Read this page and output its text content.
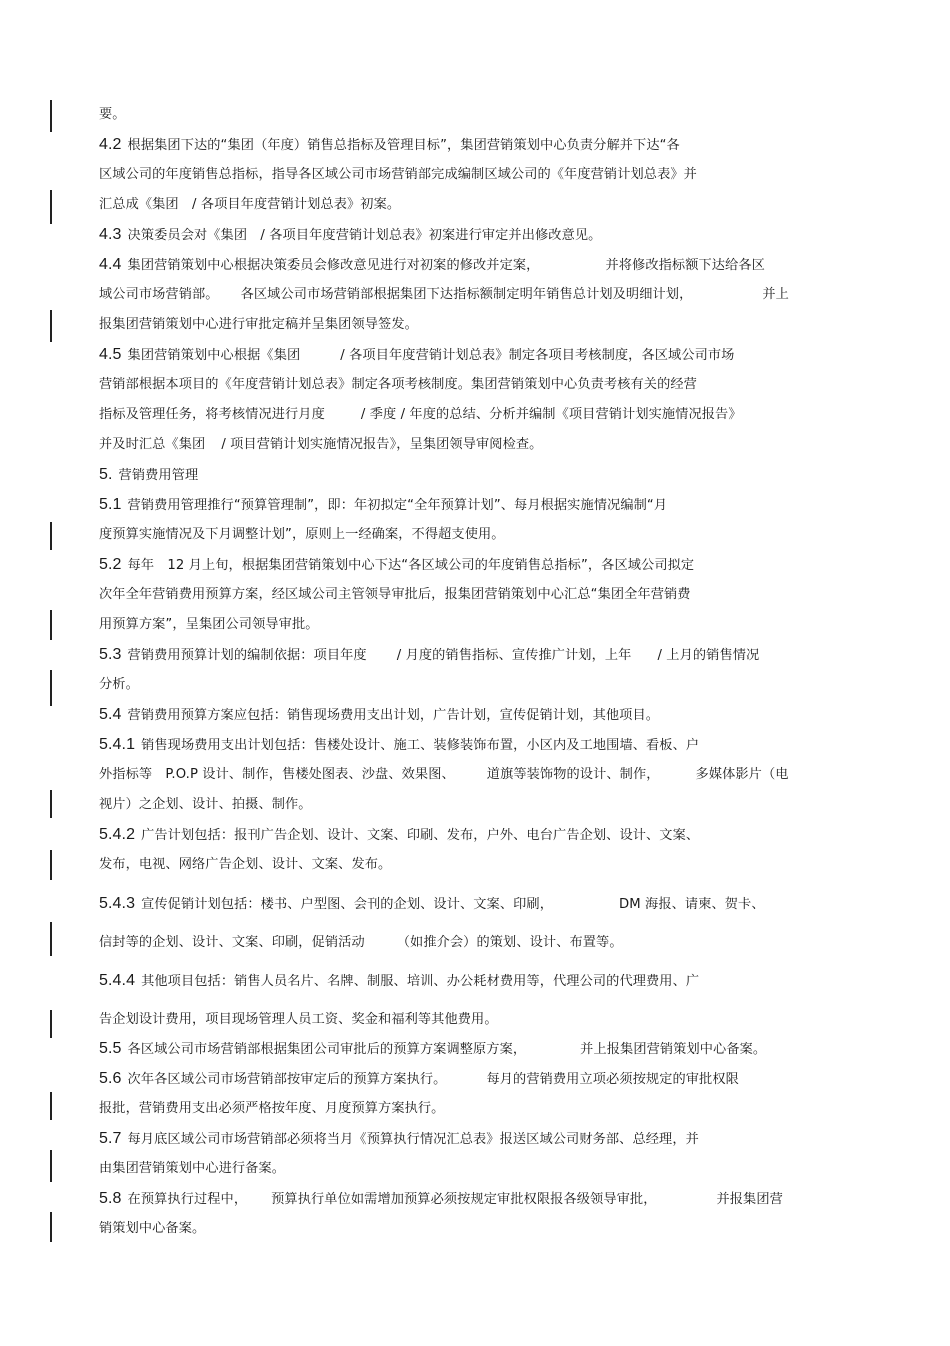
要。
4.2 根据集团下达的“集团（年度）销售总指标及管理目标”，集团营销策划中心负责分解并下达“各
区域公司的年度销售总指标，指导各区域公司市场营销部完成编制区域公司的《年度营销计划总表》并
汇总成《集团　/ 各项目年度营销计划总表》初案。
4.3 决策委员会对《集团　/ 各项目年度营销计划总表》初案进行审定并出修改意见。
4.4 集团营销策划中心根据决策委员会修改意见进行对初案的修改并定案，	并将修改指标额下达给各区
域公司市场营销部。 各区域公司市场营销部根据集团下达指标额制定明年销售总计划及明细计划，	并上
报集团营销策划中心进行审批定稿并呈集团领导签发。
4.5 集团营销策划中心根据《集团	/ 各项目年度营销计划总表》制定各项目考核制度，各区域公司市场
营销部根据本项目的《年度营销计划总表》制定各项考核制度。集团营销策划中心负责考核有关的经营
指标及管理任务，将考核情况进行月度	/ 季度 / 年度的总结、分析并编制《项目营销计划实施情况报告》
并及时汇总《集团 / 项目营销计划实施情况报告》，呈集团领导审阅检查。
5. 营销费用管理
5.1 营销费用管理推行“预算管理制”，即：年初拟定“全年预算计划”、每月根据实施情况编制“月
度预算实施情况及下月调整计划”，原则上一经确案，不得超支使用。
5.2 每年　12 月上旬，根据集团营销策划中心下达“各区域公司的年度销售总指标”，各区域公司拟定
次年全年营销费用预算方案，经区域公司主管领导审批后，报集团营销策划中心汇总“集团全年营销费
用预算方案”，呈集团公司领导审批。
5.3 营销费用预算计划的编制依据：项目年度 / 月度的销售指标、宣传推广计划，上年 / 上月的销售情况
分析。
5.4 营销费用预算方案应包括：销售现场费用支出计划，广告计划，宣传促销计划，其他项目。
5.4.1 销售现场费用支出计划包括：售楼处设计、施工、装修装饰布置，小区内及工地围墙、看板、户
外指标等　P.O.P 设计、制作，售楼处图表、沙盘、效果图、 道旗等装饰物的设计、制作，	多媒体影片（电
视片）之企划、设计、拍摄、制作。
5.4.2 广告计划包括：报刊广告企划、设计、文案、印刷、发布，户外、电台广告企划、设计、文案、
发布，电视、网络广告企划、设计、文案、发布。
5.4.3 宣传促销计划包括：楼书、户型图、会刊的企划、设计、文案、印刷，	DM 海报、请柬、贺卡、
信封等的企划、设计、文案、印刷，促销活动 （如推介会）的策划、设计、布置等。
5.4.4 其他项目包括：销售人员名片、名牌、制服、培训、办公耗材费用等，代理公司的代理费用、广
告企划设计费用，项目现场管理人员工资、奖金和福利等其他费用。
5.5 各区域公司市场营销部根据集团公司审批后的预算方案调整原方案，	并上报集团营销策划中心备案。
5.6 次年各区域公司市场营销部按审定后的预算方案执行。	每月的营销费用立项必须按规定的审批权限
报批，营销费用支出必须严格按年度、月度预算方案执行。
5.7 每月底区域公司市场营销部必须将当月《预算执行情况汇总表》报送区域公司财务部、总经理，并
由集团营销策划中心进行备案。
5.8 在预算执行过程中， 预算执行单位如需增加预算必须按规定审批权限报各级领导审批，	并报集团营
销策划中心备案。
